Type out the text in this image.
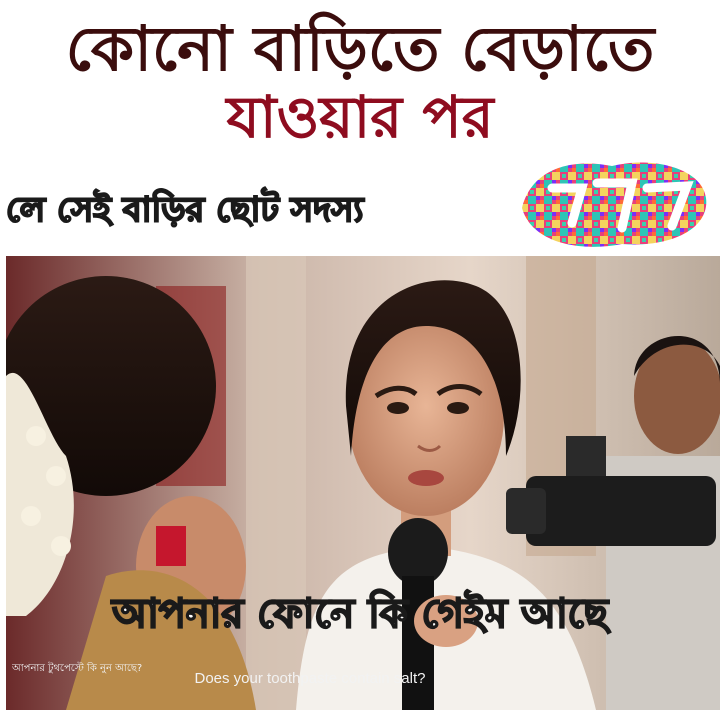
কোনো বাড়িতে বেড়াতে
যাওয়ার পর
লে সেই বাড়ির ছোট সদস্য
আপনার ফোনে কি গেইম আছে
আপনার টুথপেস্টে কি নুন আছে?
Does your toothpaste contain salt?
